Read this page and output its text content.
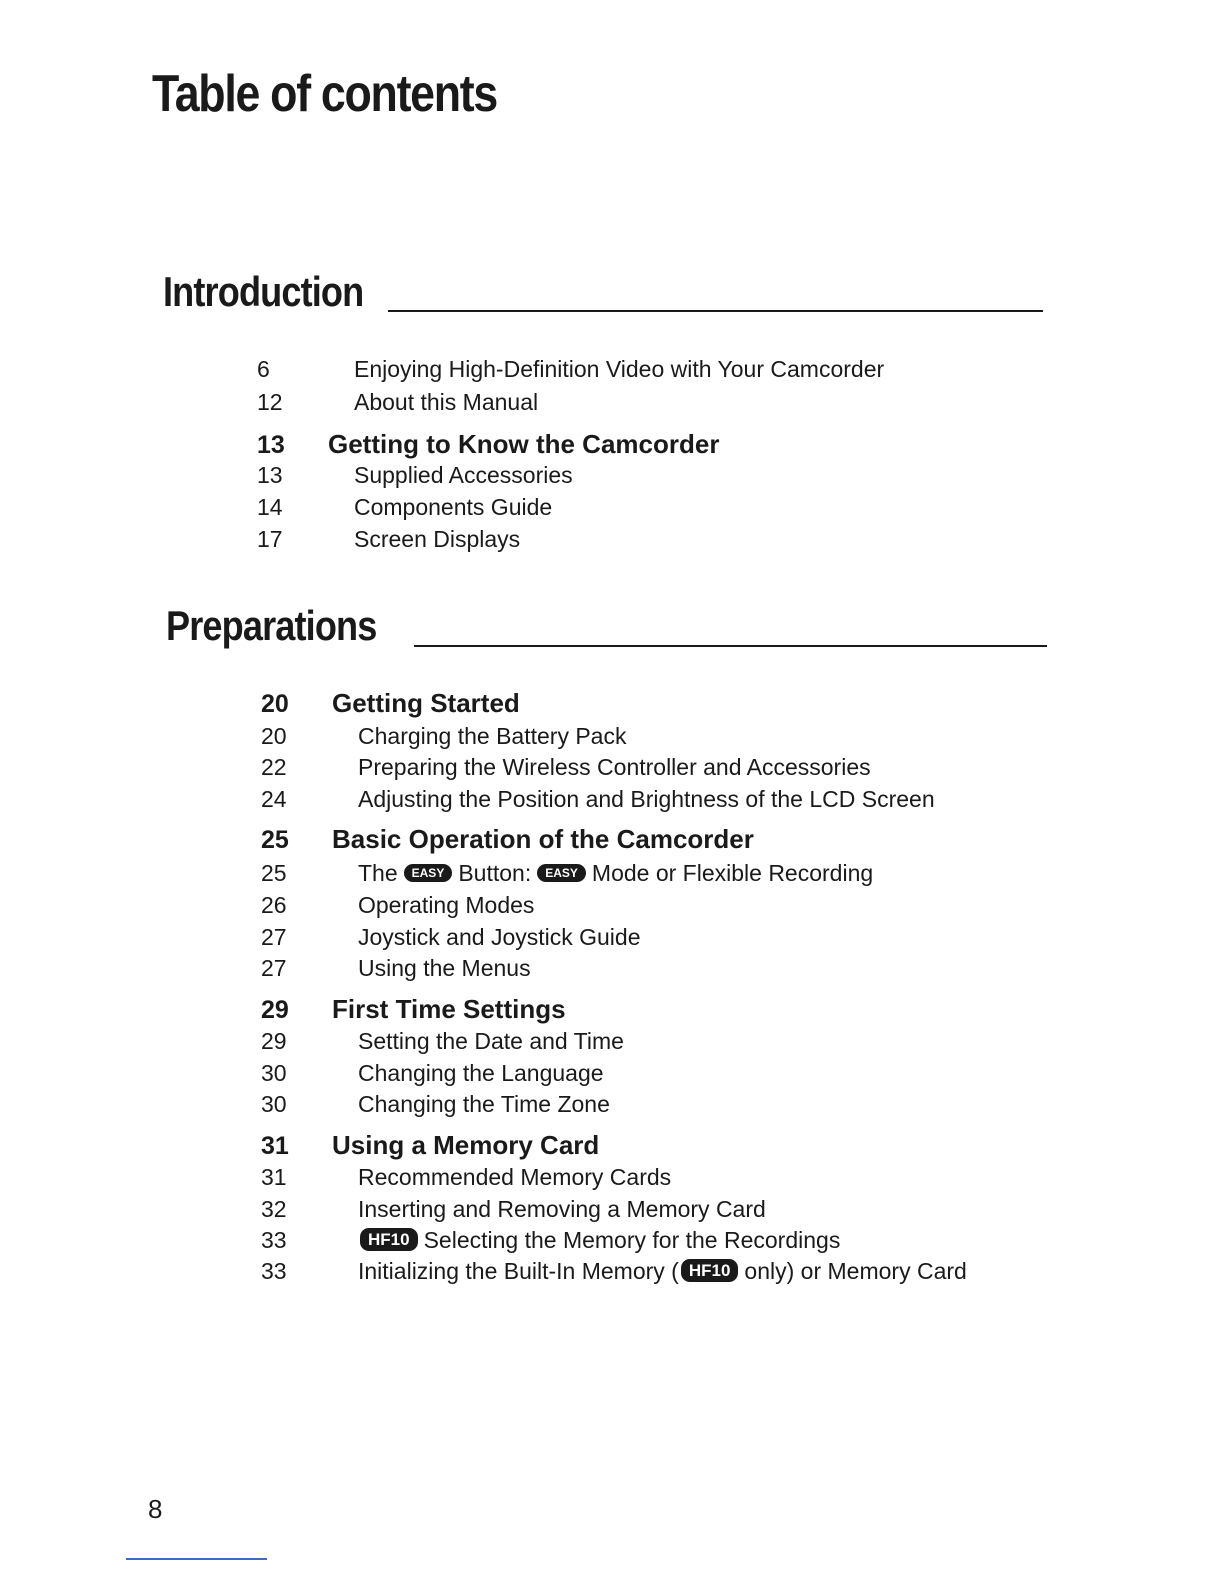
Table of contents
Introduction
6	Enjoying High-Definition Video with Your Camcorder
12	About this Manual
13 Getting to Know the Camcorder
13	Supplied Accessories
14	Components Guide
17	Screen Displays
Preparations
20 Getting Started
20	Charging the Battery Pack
22	Preparing the Wireless Controller and Accessories
24	Adjusting the Position and Brightness of the LCD Screen
25 Basic Operation of the Camcorder
25	The EASY Button: EASY Mode or Flexible Recording
26	Operating Modes
27	Joystick and Joystick Guide
27	Using the Menus
29 First Time Settings
29	Setting the Date and Time
30	Changing the Language
30	Changing the Time Zone
31 Using a Memory Card
31	Recommended Memory Cards
32	Inserting and Removing a Memory Card
33	HF10 Selecting the Memory for the Recordings
33	Initializing the Built-In Memory ( HF10 only) or Memory Card
8
